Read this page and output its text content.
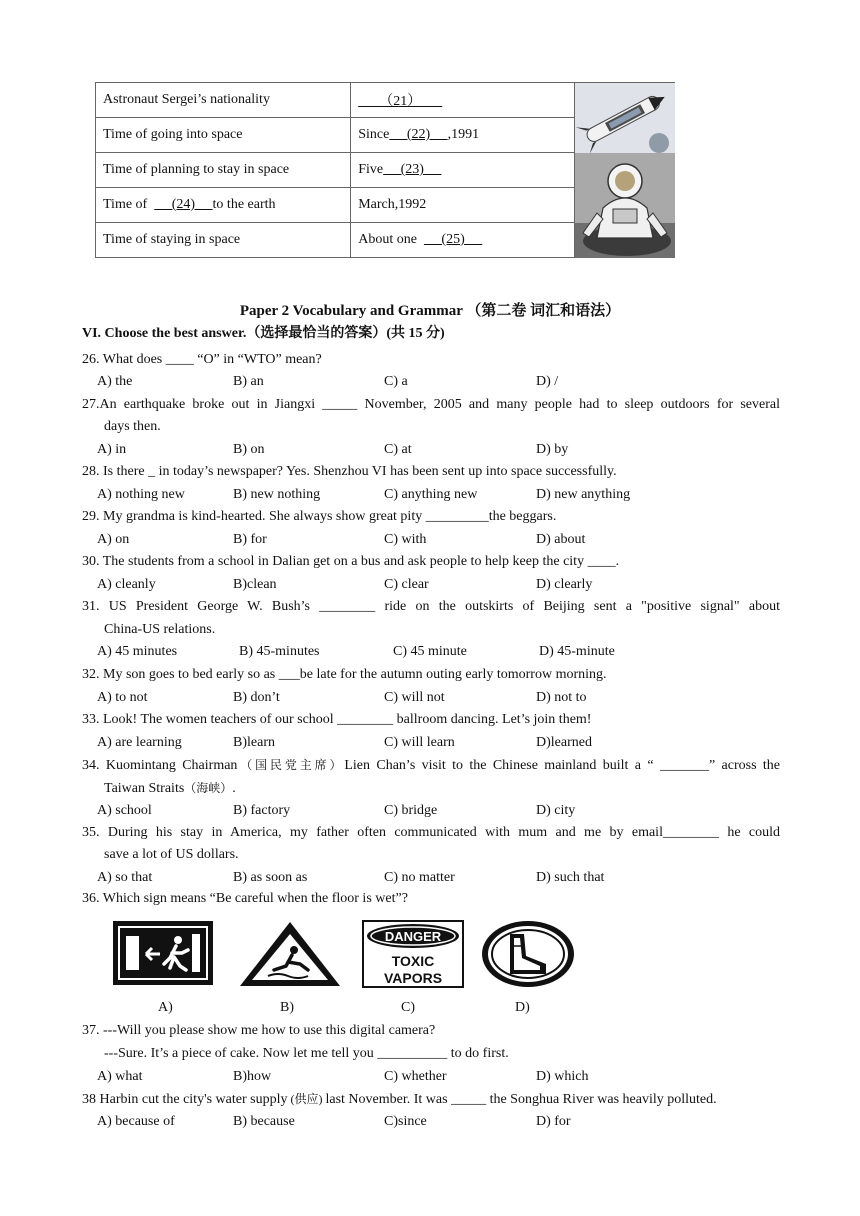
Astronaut Sergei’s nationality	（21）	

Time of going into space	Since     (22)     ,1991	
Time of planning to stay in space	Five     (23)	
Time of       (24)     to the earth	March,1992	
Time of staying in space	About one       (25)	
Paper 2 Vocabulary and Grammar （第二卷 词汇和语法）
VI. Choose the best answer.（选择最恰当的答案）(共 15 分)
26. What does ____ “O” in “WTO” mean?

A) the

	B) an

	C) a

	D) /

27.An earthquake broke out in Jiangxi _____ November, 2005 and many people had to sleep outdoors for several
days then.

A) in

	B) on

	C) at

	D) by

28. Is there _ in today’s newspaper? Yes. Shenzhou VI has been sent up into space successfully.

A) nothing new

	B) new nothing

	C) anything new

	D) new anything

29. My grandma is kind-hearted. She always show great pity _________the beggars.

A) on

	B) for

	C) with

	D) about

30. The students from a school in Dalian get on a bus and ask people to help keep the city ____.

A) cleanly

	B)clean

	C) clear

	D) clearly

31. US President George W. Bush’s ________ ride on the outskirts of Beijing sent a "positive signal" about
China-US relations.

A) 45 minutes

	B) 45-minutes

	C) 45 minute

	D) 45-minute

32. My son goes to bed early so as ___be late for the autumn outing early tomorrow morning.

A) to not

	B) don’t

	C) will not

	D) not to

33. Look! The women teachers of our school ________ ballroom dancing. Let’s join them!

A) are learning

	B)learn

	C) will learn

	D)learned

34. Kuomintang Chairman（国民党主席）Lien Chan’s visit to the Chinese mainland built a “ _______” across the
Taiwan Straits（海峡）.

A) school

	B) factory

	C) bridge

	D) city

35. During his stay in America, my father often communicated with mum and me by email________ he could
save a lot of US dollars.

A) so that

	B) as soon as

	C) no matter

	D) such that

36. Which sign means “Be careful when the floor is wet”?
DANGER
TOXIC
VAPORS
A)	B)	C)	D)
37. ---Will you please show me how to use this digital camera?
---Sure. It’s a piece of cake. Now let me tell you __________ to do first.

A) what

	B)how

	C) whether

	D) which

38 Harbin cut the city's water supply (供应) last November. It was _____ the Songhua River was heavily polluted.

A) because of

	B) because

	C)since

	D) for
